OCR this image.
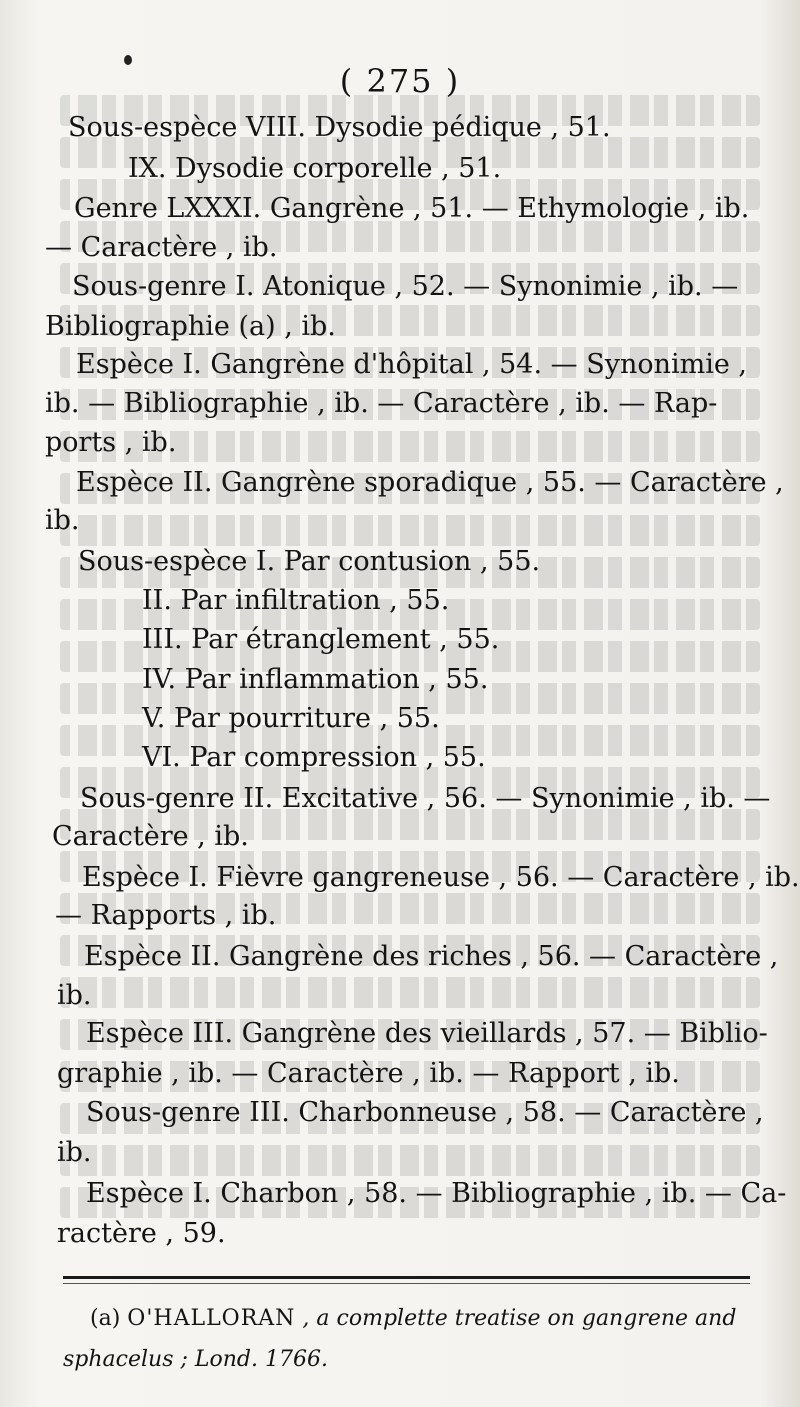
( 275 )
Sous-espèce VIII. Dysodie pédique , 51.
IX. Dysodie corporelle , 51.
Genre LXXXI. Gangrène , 51. — Ethymologie , ib.
— Caractère , ib.
Sous-genre I. Atonique , 52. — Synonimie , ib. —
Bibliographie (a) , ib.
Espèce I. Gangrène d'hôpital , 54. — Synonimie ,
ib. — Bibliographie , ib. — Caractère , ib. — Rap-
ports , ib.
Espèce II. Gangrène sporadique , 55. — Caractère ,
ib.
Sous-espèce I. Par contusion , 55.
II. Par infiltration , 55.
III. Par étranglement , 55.
IV. Par inflammation , 55.
V. Par pourriture , 55.
VI. Par compression , 55.
Sous-genre II. Excitative , 56. — Synonimie , ib. —
Caractère , ib.
Espèce I. Fièvre gangreneuse , 56. — Caractère , ib.
— Rapports , ib.
Espèce II. Gangrène des riches , 56. — Caractère ,
ib.
Espèce III. Gangrène des vieillards , 57. — Biblio-
graphie , ib. — Caractère , ib. — Rapport , ib.
Sous-genre III. Charbonneuse , 58. — Caractère ,
ib.
Espèce I. Charbon , 58. — Bibliographie , ib. — Ca-
ractère , 59.
(a) O'HALLORAN , a complette treatise on gangrene and
sphacelus ; Lond. 1766.
